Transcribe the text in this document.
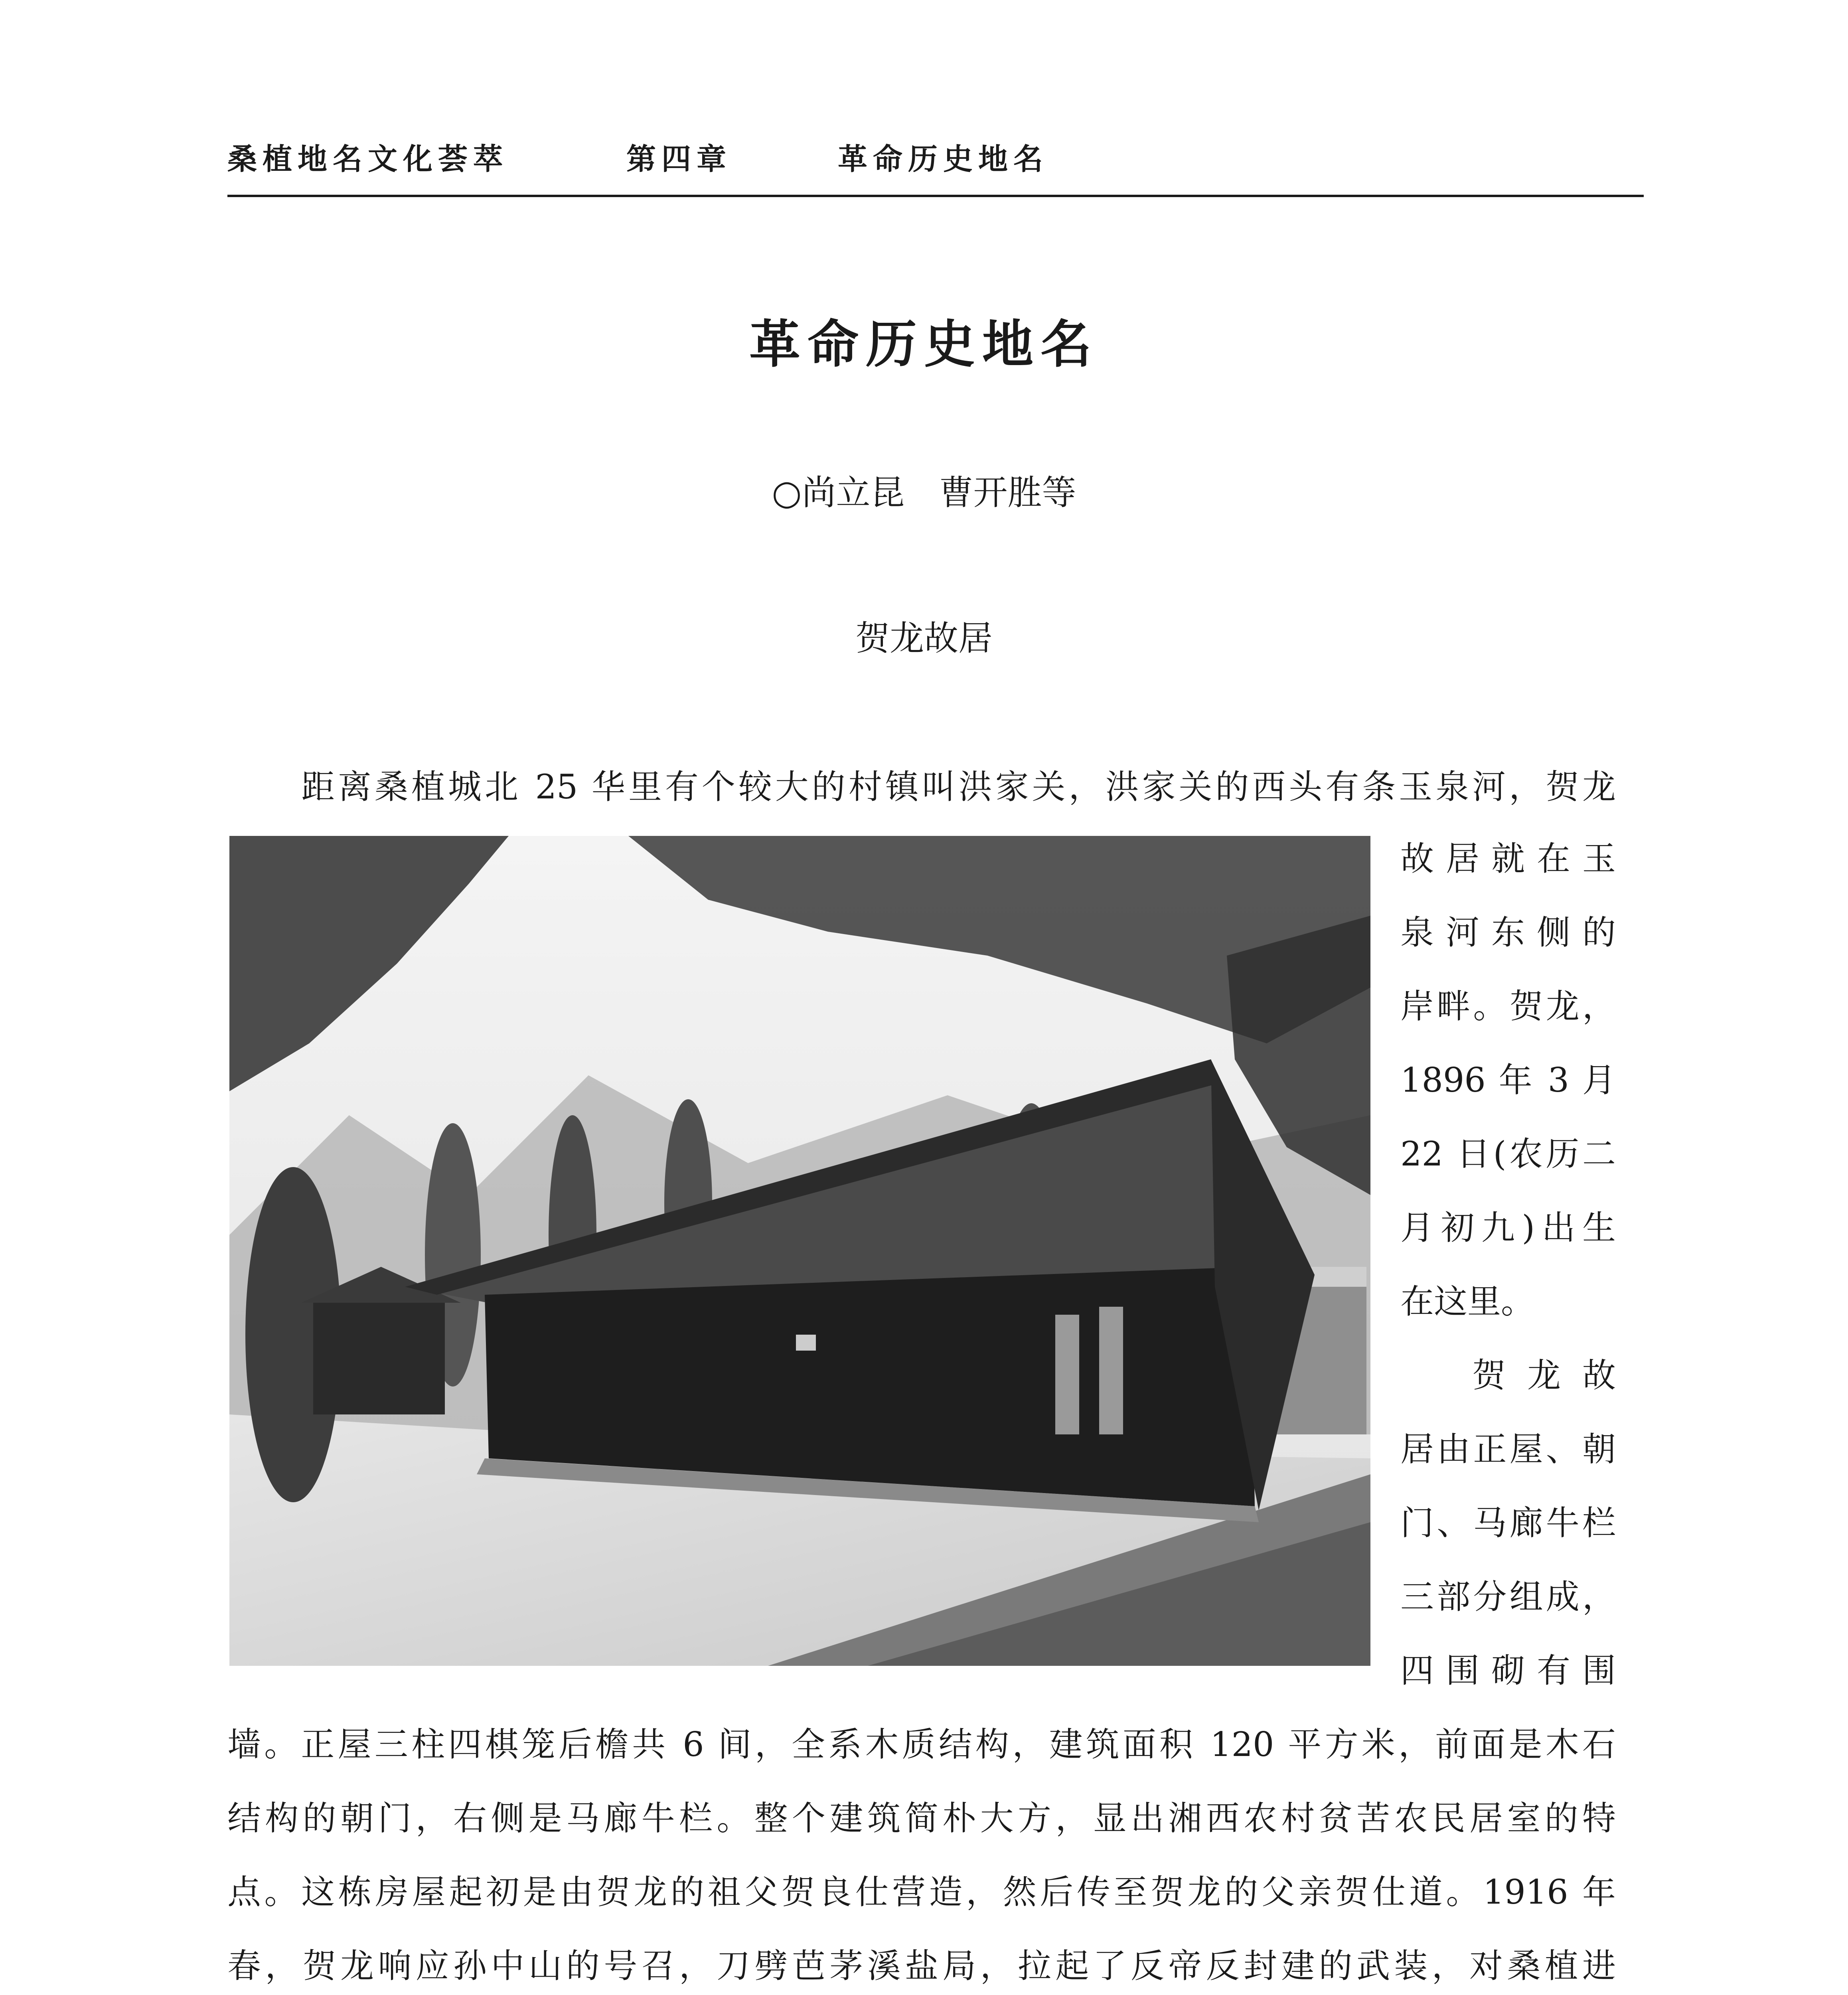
桑植地名文化荟萃	第四章	革命历史地名
革命历史地名
○尚立昆　曹开胜等
贺龙故居
距离桑植城北 25 华里有个较大的村镇叫洪家关，洪家关的西头有条玉泉河，贺龙
故居就在玉
泉河东侧的
岸畔。贺龙，
1896 年 3 月
22 日(农历二
月初九)出生
在这里。
贺龙故
居由正屋、朝
门、马廊牛栏
三部分组成，
四围砌有围
墙。正屋三柱四棋笼后檐共 6 间，全系木质结构，建筑面积 120 平方米，前面是木石
结构的朝门，右侧是马廊牛栏。整个建筑简朴大方，显出湘西农村贫苦农民居室的特
点。这栋房屋起初是由贺龙的祖父贺良仕营造，然后传至贺龙的父亲贺仕道。1916 年
春，贺龙响应孙中山的号召，刀劈芭茅溪盐局，拉起了反帝反封建的武装，对桑植进
